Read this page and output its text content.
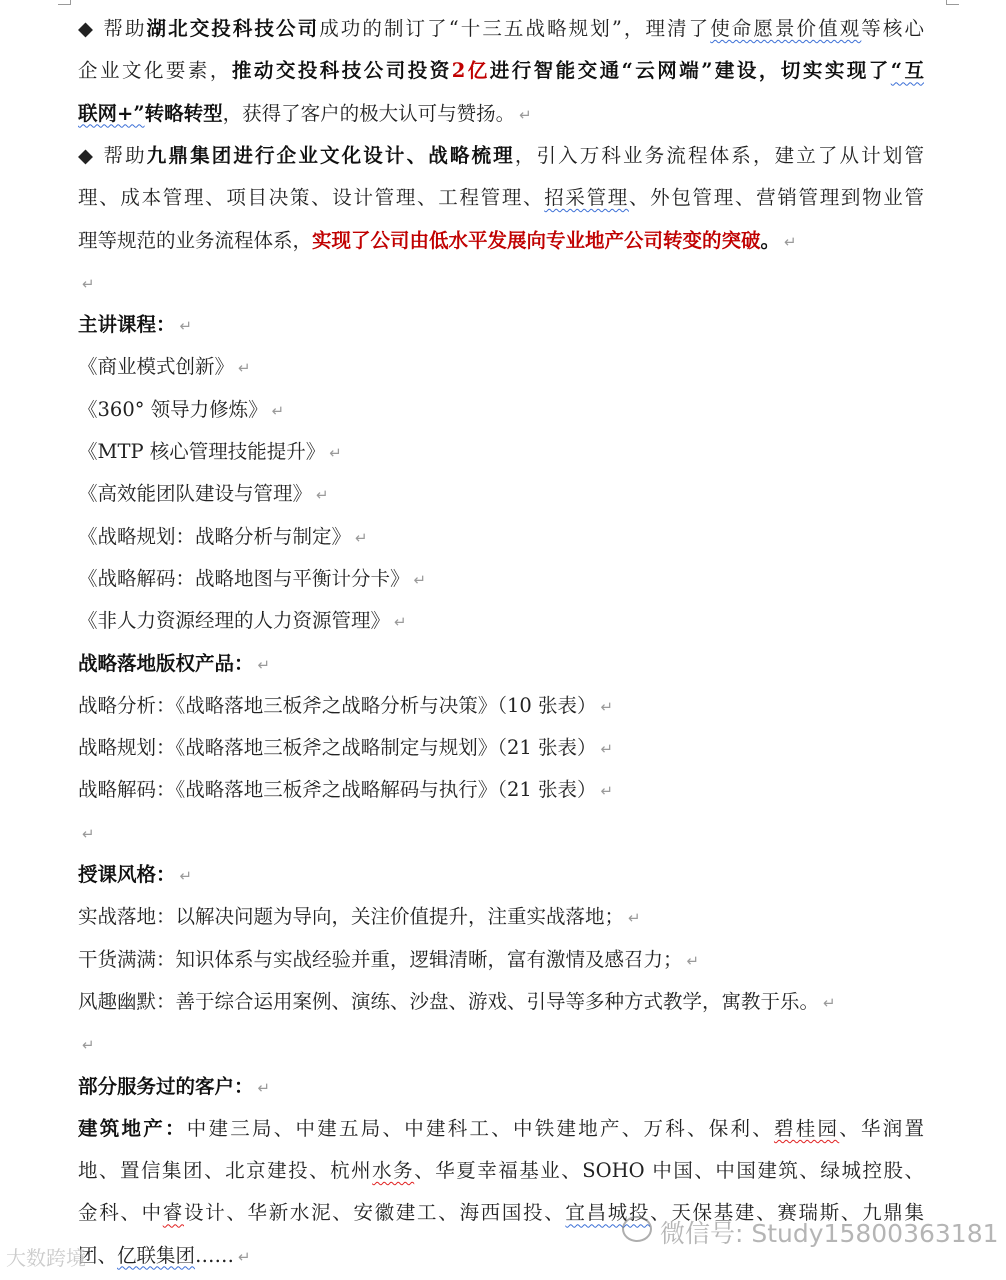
◆ 帮助湖北交投科技公司成功的制订了“十三五战略规划”，理清了使命愿景价值观等核心
企业文化要素，推动交投科技公司投资2亿进行智能交通“云网端”建设，切实实现了“互
联网+”转略转型，获得了客户的极大认可与赞扬。 ↵
◆ 帮助九鼎集团进行企业文化设计、战略梳理，引入万科业务流程体系，建立了从计划管
理、成本管理、项目决策、设计管理、工程管理、招采管理、外包管理、营销管理到物业管
理等规范的业务流程体系，实现了公司由低水平发展向专业地产公司转变的突破。 ↵
↵
主讲课程： ↵
《商业模式创新》 ↵
《360° 领导力修炼》 ↵
《MTP 核心管理技能提升》 ↵
《高效能团队建设与管理》 ↵
《战略规划：战略分析与制定》 ↵
《战略解码：战略地图与平衡计分卡》 ↵
《非人力资源经理的人力资源管理》 ↵
战略落地版权产品： ↵
战略分析：《战略落地三板斧之战略分析与决策》（10 张表） ↵
战略规划：《战略落地三板斧之战略制定与规划》（21 张表） ↵
战略解码：《战略落地三板斧之战略解码与执行》（21 张表） ↵
↵
授课风格： ↵
实战落地：以解决问题为导向，关注价值提升，注重实战落地； ↵
干货满满：知识体系与实战经验并重，逻辑清晰，富有激情及感召力； ↵
风趣幽默：善于综合运用案例、演练、沙盘、游戏、引导等多种方式教学，寓教于乐。 ↵
↵
部分服务过的客户： ↵
建筑地产：中建三局、中建五局、中建科工、中铁建地产、万科、保利、碧桂园、华润置
地、置信集团、北京建投、杭州水务、华夏幸福基业、SOHO 中国、中国建筑、绿城控股、
金科、中睿设计、华新水泥、安徽建工、海西国投、宜昌城投、天保基建、赛瑞斯、九鼎集
团、亿联集团…… ↵
微信号: Study15800363181
大数跨境
